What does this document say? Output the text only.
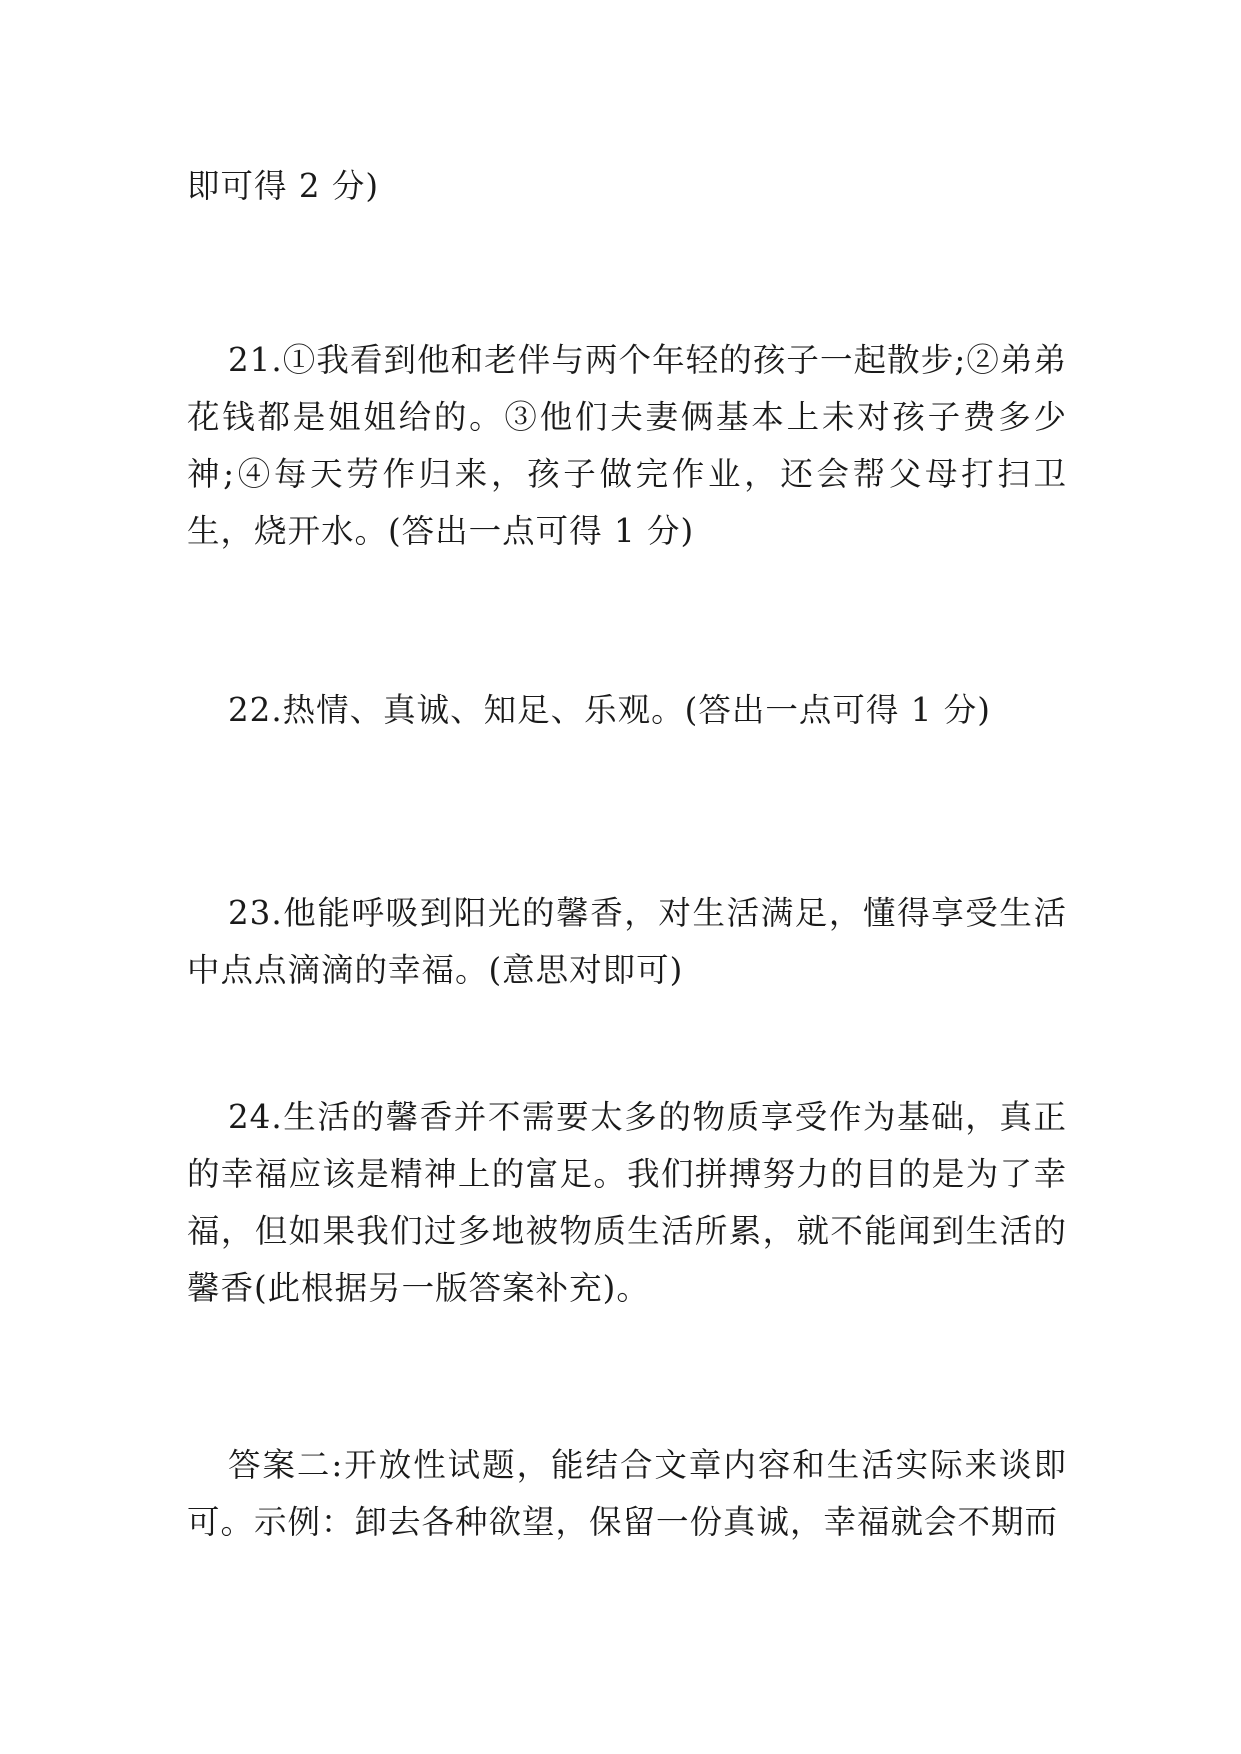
即可得 2 分)

21.①我看到他和老伴与两个年轻的孩子一起散步;②弟弟花钱都是姐姐给的。③他们夫妻俩基本上未对孩子费多少神;④每天劳作归来，孩子做完作业，还会帮父母打扫卫生，烧开水。(答出一点可得 1 分)

22.热情、真诚、知足、乐观。(答出一点可得 1 分)

23.他能呼吸到阳光的馨香，对生活满足，懂得享受生活中点点滴滴的幸福。(意思对即可)

24.生活的馨香并不需要太多的物质享受作为基础，真正的幸福应该是精神上的富足。我们拼搏努力的目的是为了幸福，但如果我们过多地被物质生活所累，就不能闻到生活的馨香(此根据另一版答案补充)。

答案二:开放性试题，能结合文章内容和生活实际来谈即可。示例：卸去各种欲望，保留一份真诚，幸福就会不期而
